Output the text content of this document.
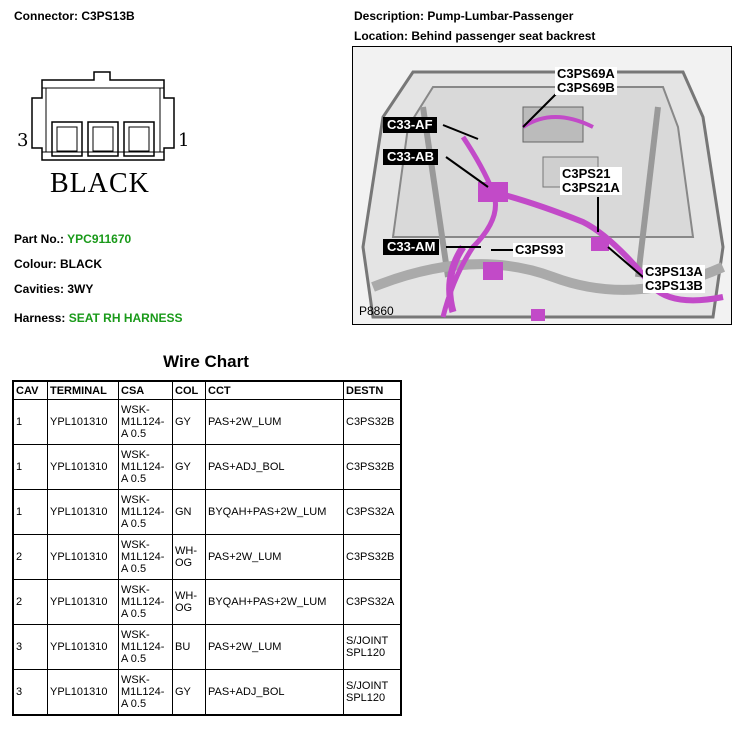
Connector: C3PS13B	Description: Pump-Lumbar-Passenger
Location: Behind passenger seat backrest
3	1
BLACK
Part No.: YPC911670
Colour: BLACK
Cavities: 3WY
Harness: SEAT RH HARNESS	P8860
C3PS69A
C3PS69B
C33-AF
C33-AB
C3PS21
C3PS21A
C33-AM	C3PS93
C3PS13A
C3PS13B
Wire Chart
CAV	TERMINAL	CSA	COL	CCT	DESTN
1	YPL101310	WSK-
M1L124-
A 0.5	GY	PAS+2W_LUM	C3PS32B
1	YPL101310	WSK-
M1L124-
A 0.5	GY	PAS+ADJ_BOL	C3PS32B
1	YPL101310	WSK-
M1L124-
A 0.5	GN	BYQAH+PAS+2W_LUM	C3PS32A
2	YPL101310	WSK-
M1L124-
A 0.5	WH-
OG	PAS+2W_LUM	C3PS32B
2	YPL101310	WSK-
M1L124-
A 0.5	WH-
OG	BYQAH+PAS+2W_LUM	C3PS32A
3	YPL101310	WSK-
M1L124-
A 0.5	BU	PAS+2W_LUM	S/JOINT
SPL120
3	YPL101310	WSK-
M1L124-
A 0.5	GY	PAS+ADJ_BOL	S/JOINT
SPL120
